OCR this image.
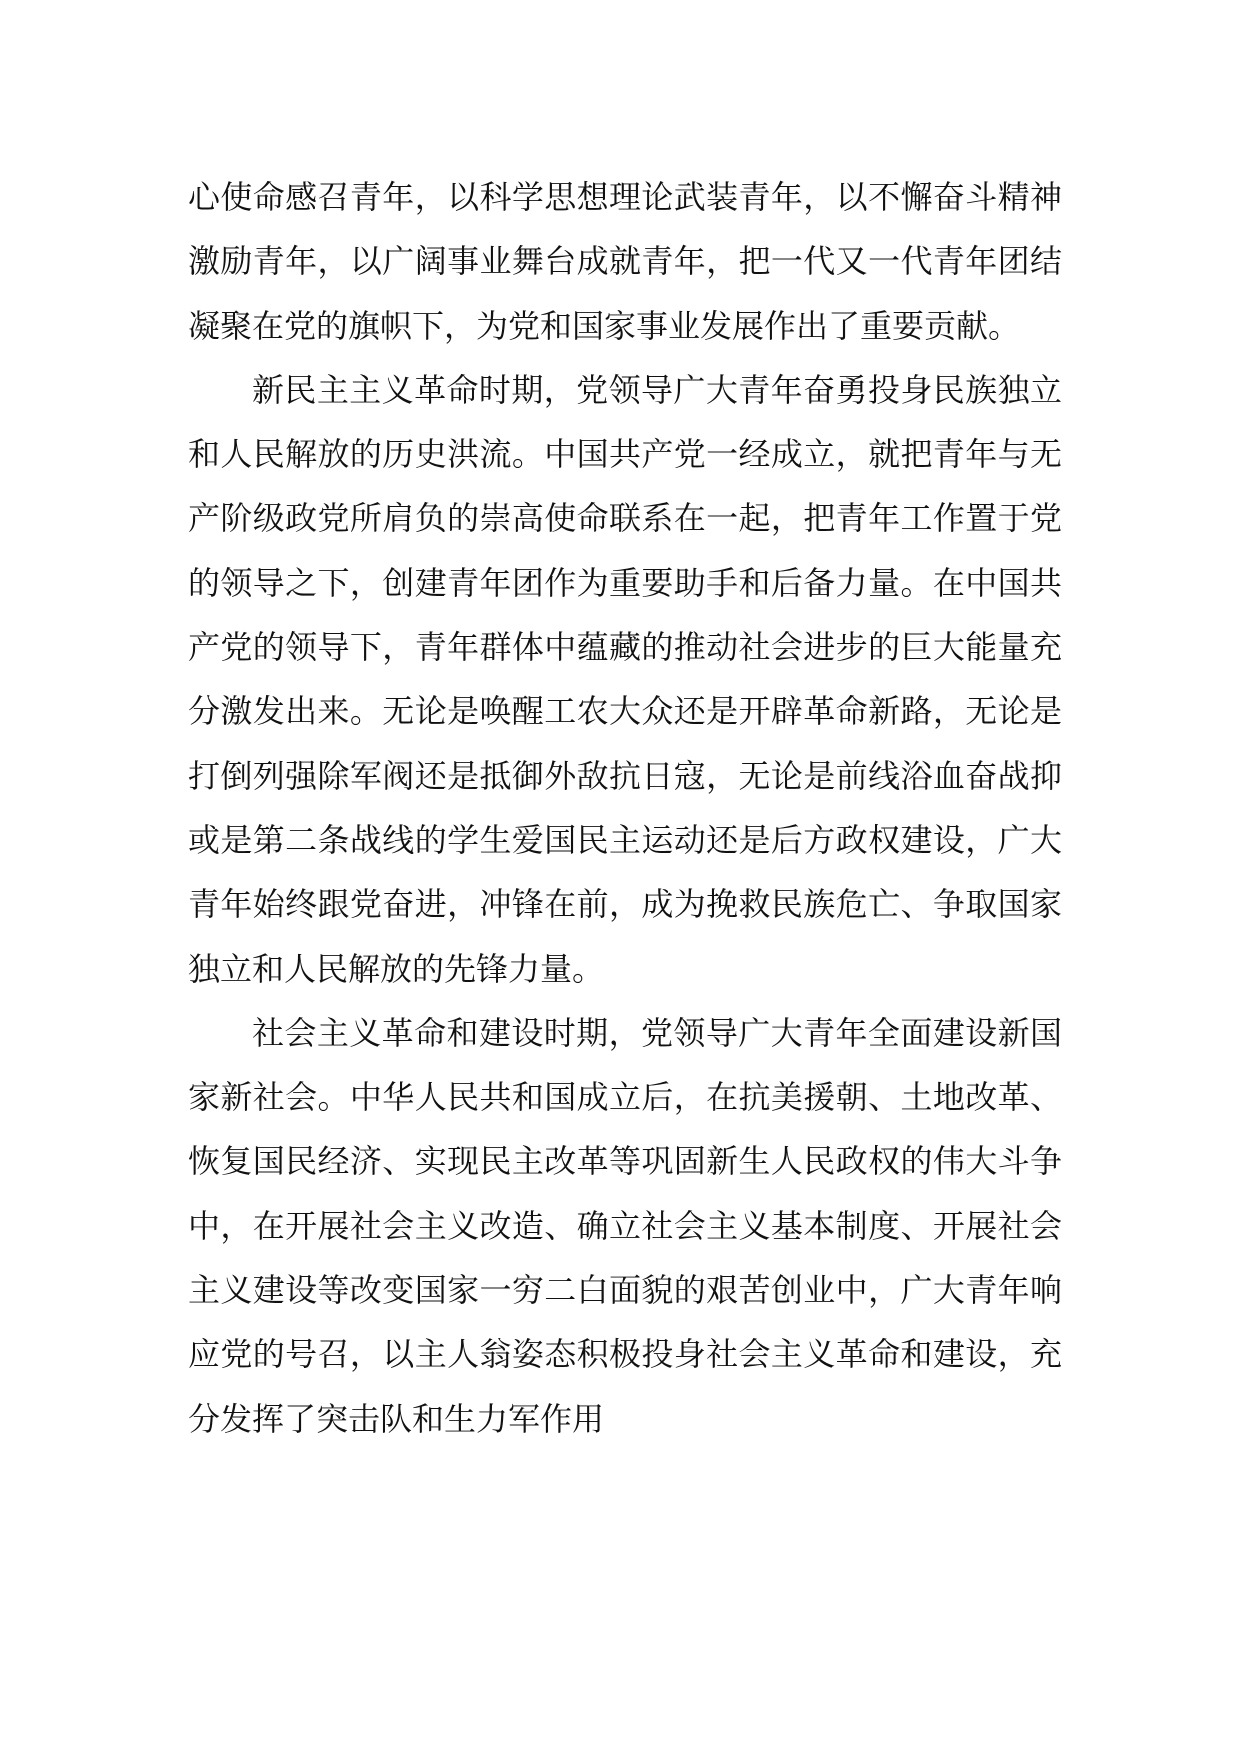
心使命感召青年，以科学思想理论武装青年，以不懈奋斗精神激励青年，以广阔事业舞台成就青年，把一代又一代青年团结凝聚在党的旗帜下，为党和国家事业发展作出了重要贡献。

新民主主义革命时期，党领导广大青年奋勇投身民族独立和人民解放的历史洪流。中国共产党一经成立，就把青年与无产阶级政党所肩负的崇高使命联系在一起，把青年工作置于党的领导之下，创建青年团作为重要助手和后备力量。在中国共产党的领导下，青年群体中蕴藏的推动社会进步的巨大能量充分激发出来。无论是唤醒工农大众还是开辟革命新路，无论是打倒列强除军阀还是抵御外敌抗日寇，无论是前线浴血奋战抑或是第二条战线的学生爱国民主运动还是后方政权建设，广大青年始终跟党奋进，冲锋在前，成为挽救民族危亡、争取国家独立和人民解放的先锋力量。

社会主义革命和建设时期，党领导广大青年全面建设新国家新社会。中华人民共和国成立后，在抗美援朝、土地改革、恢复国民经济、实现民主改革等巩固新生人民政权的伟大斗争中，在开展社会主义改造、确立社会主义基本制度、开展社会主义建设等改变国家一穷二白面貌的艰苦创业中，广大青年响应党的号召，以主人翁姿态积极投身社会主义革命和建设，充分发挥了突击队和生力军作用
